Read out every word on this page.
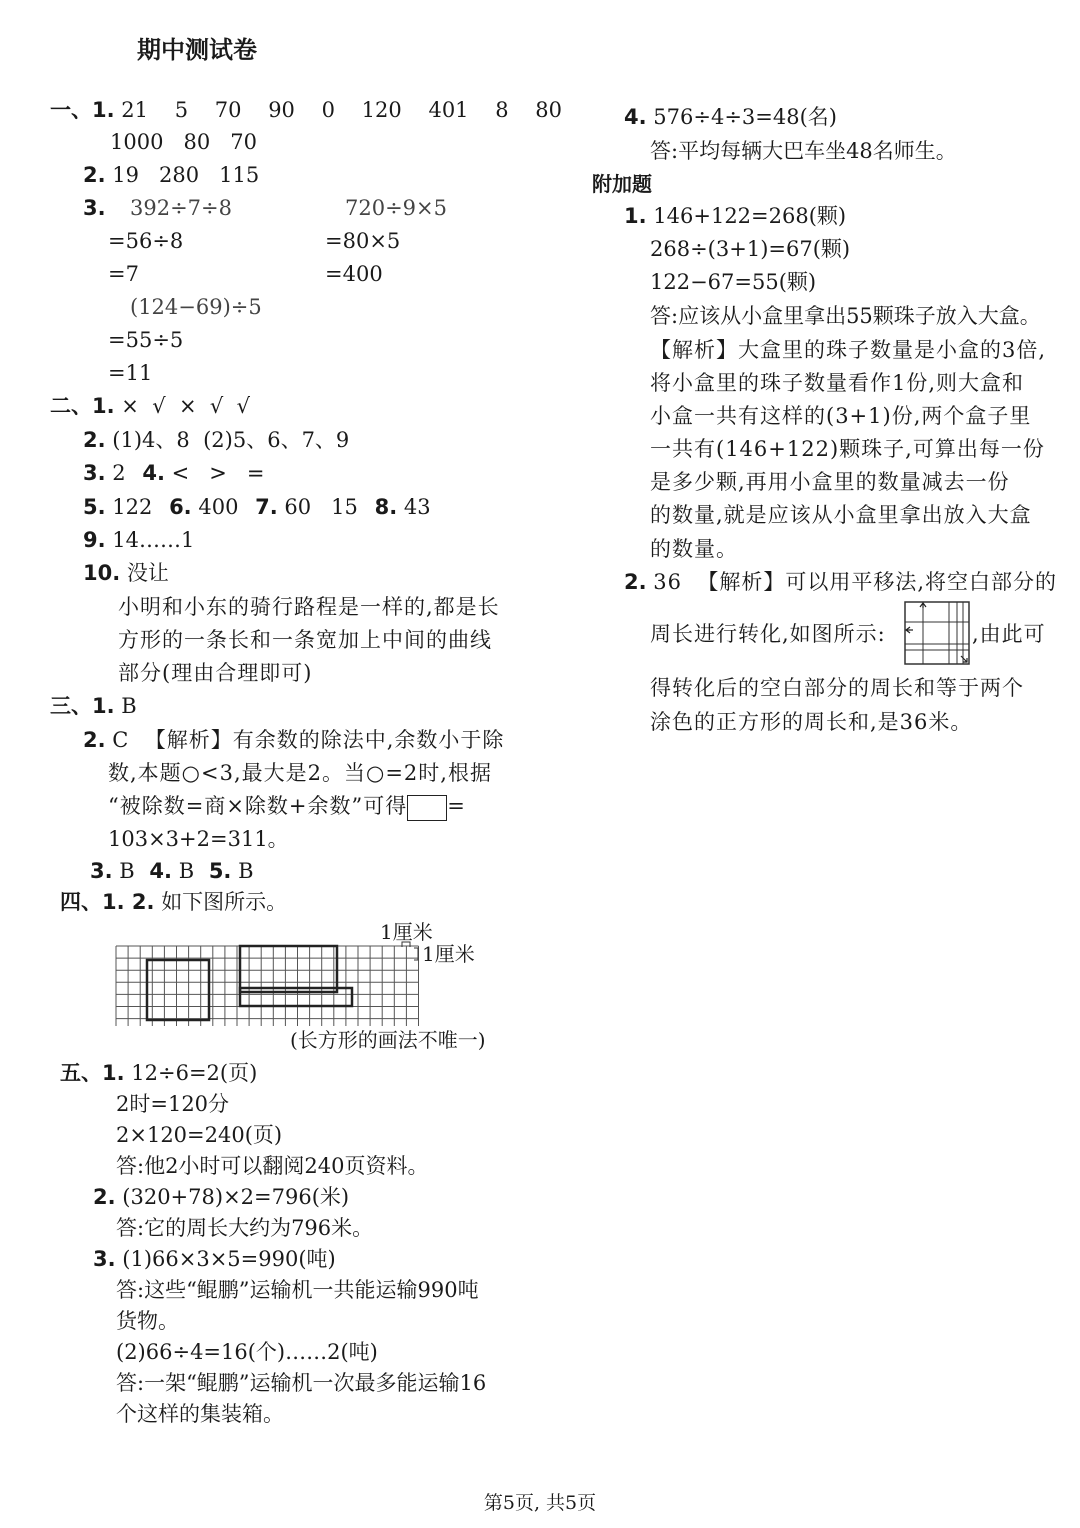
期中测试卷
一、1. 21    5    70    90    0    120    401    8    80
1000   80   70
2. 19   280   115
3. 392÷7÷8
=56÷8
=7
720÷9×5
=80×5
=400
(124−69)÷5
=55÷5
=11
二、1. ×  √  ×  √  √
2. (1)4、8  (2)5、6、7、9
3. 2 4. <   >   =
5. 122 6. 400 7. 60   15 8. 43
9. 14……1
10. 没让
小明和小东的骑行路程是一样的,都是长
方形的一条长和一条宽加上中间的曲线
部分(理由合理即可)
三、1. B
2. C  【解析】有余数的除法中,余数小于除
数,本题○<3,最大是2。当○=2时,根据
“被除数=商×除数+余数”可得 =
103×3+2=311。
3. B 4. B 5. B
四、1. 2. 如下图所示。
1厘米
1厘米
(长方形的画法不唯一)
五、1. 12÷6=2(页)
2时=120分
2×120=240(页)
答:他2小时可以翻阅240页资料。
2. (320+78)×2=796(米)
答:它的周长大约为796米。
3. (1)66×3×5=990(吨)
答:这些“鲲鹏”运输机一共能运输990吨
货物。
(2)66÷4=16(个)……2(吨)
答:一架“鲲鹏”运输机一次最多能运输16
个这样的集装箱。
4. 576÷4÷3=48(名)
答:平均每辆大巴车坐48名师生。
附加题
1. 146+122=268(颗)
268÷(3+1)=67(颗)
122−67=55(颗)
答:应该从小盒里拿出55颗珠子放入大盒。
【解析】大盒里的珠子数量是小盒的3倍,
将小盒里的珠子数量看作1份,则大盒和
小盒一共有这样的(3+1)份,两个盒子里
一共有(146+122)颗珠子,可算出每一份
是多少颗,再用小盒里的数量减去一份
的数量,就是应该从小盒里拿出放入大盒
的数量。
2. 36  【解析】可以用平移法,将空白部分的
周长进行转化,如图所示:	,由此可
得转化后的空白部分的周长和等于两个
涂色的正方形的周长和,是36米。
第5页, 共5页
